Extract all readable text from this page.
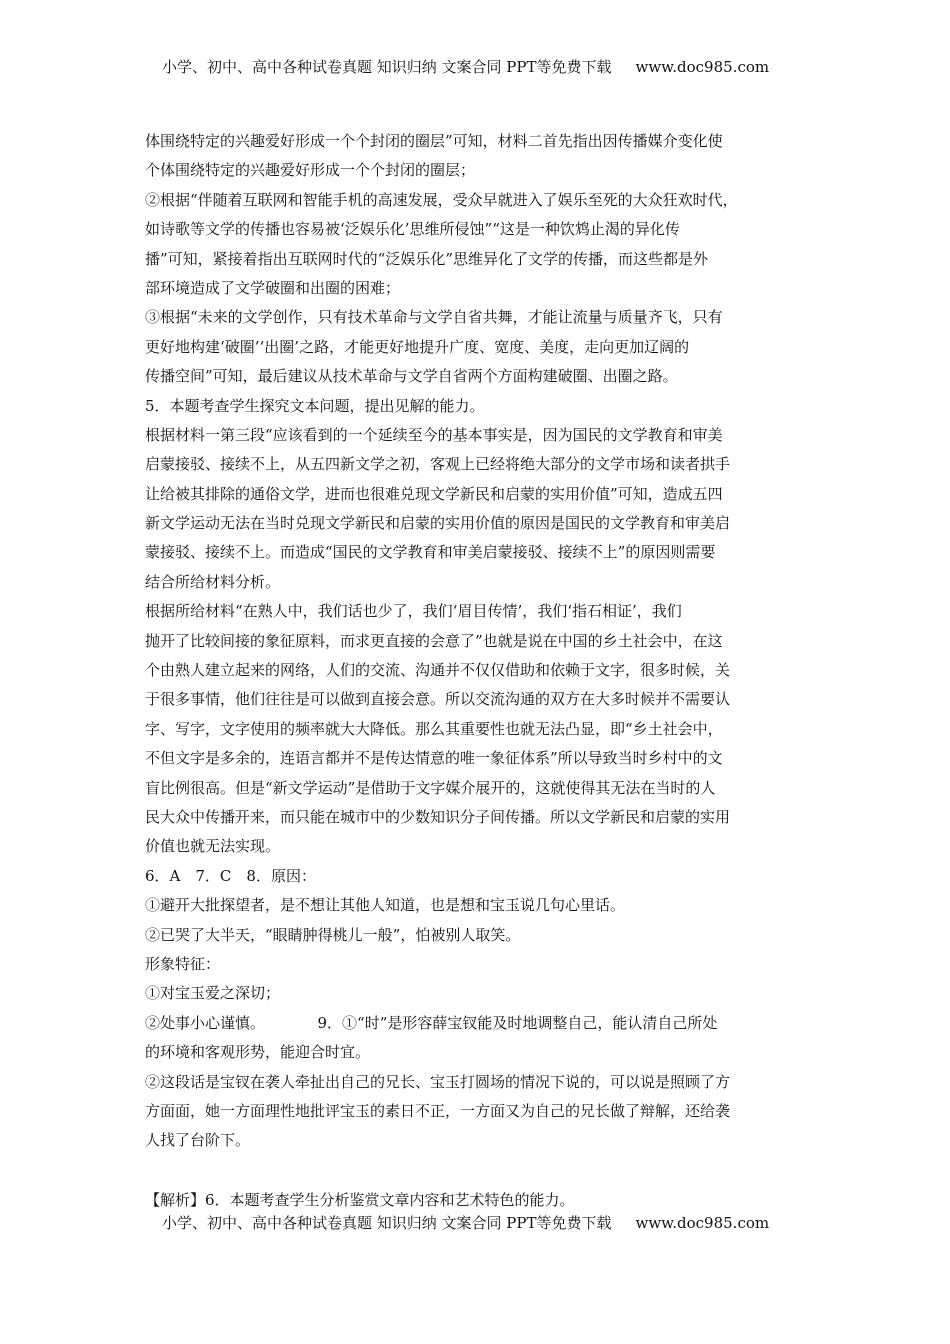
小学、初中、高中各种试卷真题 知识归纳 文案合同 PPT等免费下载 www.doc985.com
体围绕特定的兴趣爱好形成一个个封闭的圈层”可知，材料二首先指出因传播媒介变化使
个体围绕特定的兴趣爱好形成一个个封闭的圈层；
②根据“伴随着互联网和智能手机的高速发展，受众早就进入了娱乐至死的大众狂欢时代，
如诗歌等文学的传播也容易被‘泛娱乐化’思维所侵蚀”“这是一种饮鸩止渴的异化传
播”可知，紧接着指出互联网时代的“泛娱乐化”思维异化了文学的传播，而这些都是外
部环境造成了文学破圈和出圈的困难；
③根据“未来的文学创作，只有技术革命与文学自省共舞，才能让流量与质量齐飞，只有
更好地构建‘破圈’‘出圈’之路，才能更好地提升广度、宽度、美度，走向更加辽阔的
传播空间”可知，最后建议从技术革命与文学自省两个方面构建破圈、出圈之路。
5．本题考查学生探究文本问题，提出见解的能力。
根据材料一第三段“应该看到的一个延续至今的基本事实是，因为国民的文学教育和审美
启蒙接驳、接续不上，从五四新文学之初，客观上已经将绝大部分的文学市场和读者拱手
让给被其排除的通俗文学，进而也很难兑现文学新民和启蒙的实用价值”可知，造成五四
新文学运动无法在当时兑现文学新民和启蒙的实用价值的原因是国民的文学教育和审美启
蒙接驳、接续不上。而造成“国民的文学教育和审美启蒙接驳、接续不上”的原因则需要
结合所给材料分析。
根据所给材料“在熟人中，我们话也少了，我们‘眉目传情’，我们‘指石相证’，我们
抛开了比较间接的象征原料，而求更直接的会意了”也就是说在中国的乡土社会中，在这
个由熟人建立起来的网络，人们的交流、沟通并不仅仅借助和依赖于文字，很多时候，关
于很多事情，他们往往是可以做到直接会意。所以交流沟通的双方在大多时候并不需要认
字、写字，文字使用的频率就大大降低。那么其重要性也就无法凸显，即“乡土社会中，
不但文字是多余的，连语言都并不是传达情意的唯一象征体系”所以导致当时乡村中的文
盲比例很高。但是“新文学运动”是借助于文字媒介展开的，这就使得其无法在当时的人
民大众中传播开来，而只能在城市中的少数知识分子间传播。所以文学新民和启蒙的实用
价值也就无法实现。
6．A　7．C　8．原因：
①避开大批探望者，是不想让其他人知道，也是想和宝玉说几句心里话。
②已哭了大半天，“眼睛肿得桃儿一般”，怕被别人取笑。
形象特征：
①对宝玉爱之深切；
②处事小心谨慎。　　　　9．①“时”是形容薛宝钗能及时地调整自己，能认清自己所处
的环境和客观形势，能迎合时宜。
②这段话是宝钗在袭人牵扯出自己的兄长、宝玉打圆场的情况下说的，可以说是照顾了方
方面面，她一方面理性地批评宝玉的素日不正，一方面又为自己的兄长做了辩解，还给袭
人找了台阶下。
【解析】6．本题考查学生分析鉴赏文章内容和艺术特色的能力。
小学、初中、高中各种试卷真题 知识归纳 文案合同 PPT等免费下载 www.doc985.com
